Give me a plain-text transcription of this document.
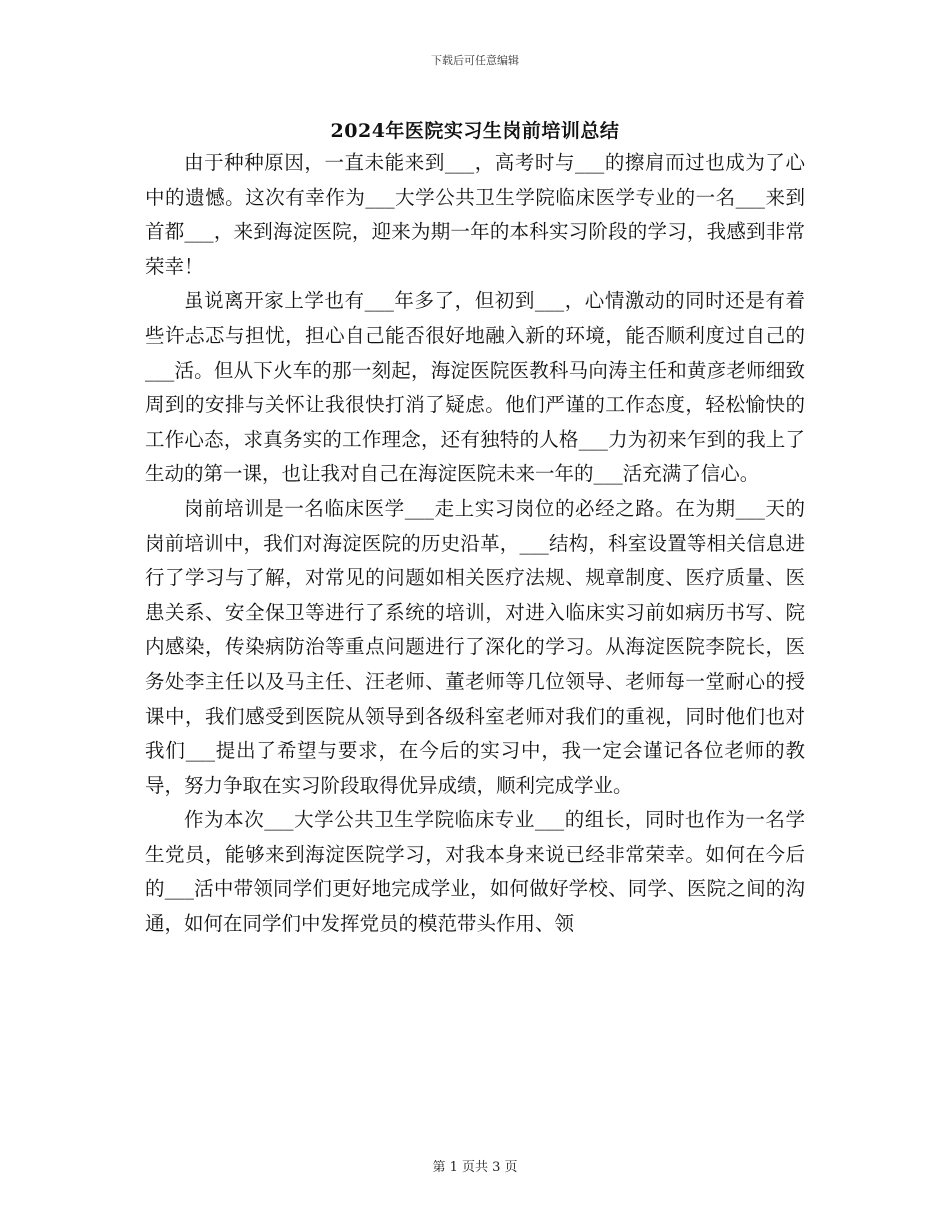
下载后可任意编辑
2024年医院实习生岗前培训总结

由于种种原因，一直未能来到___，高考时与___的擦肩而过也成为了心中的遗憾。这次有幸作为___大学公共卫生学院临床医学专业的一名___来到首都___，来到海淀医院，迎来为期一年的本科实习阶段的学习，我感到非常荣幸！

虽说离开家上学也有___年多了，但初到___，心情激动的同时还是有着些许忐忑与担忧，担心自己能否很好地融入新的环境，能否顺利度过自己的___活。但从下火车的那一刻起，海淀医院医教科马向涛主任和黄彦老师细致周到的安排与关怀让我很快打消了疑虑。他们严谨的工作态度，轻松愉快的工作心态，求真务实的工作理念，还有独特的人格___力为初来乍到的我上了生动的第一课，也让我对自己在海淀医院未来一年的___活充满了信心。

岗前培训是一名临床医学___走上实习岗位的必经之路。在为期___天的岗前培训中，我们对海淀医院的历史沿革，___结构，科室设置等相关信息进行了学习与了解，对常见的问题如相关医疗法规、规章制度、医疗质量、医患关系、安全保卫等进行了系统的培训，对进入临床实习前如病历书写、院内感染，传染病防治等重点问题进行了深化的学习。从海淀医院李院长，医务处李主任以及马主任、汪老师、董老师等几位领导、老师每一堂耐心的授课中，我们感受到医院从领导到各级科室老师对我们的重视，同时他们也对我们___提出了希望与要求，在今后的实习中，我一定会谨记各位老师的教导，努力争取在实习阶段取得优异成绩，顺利完成学业。

作为本次___大学公共卫生学院临床专业___的组长，同时也作为一名学生党员，能够来到海淀医院学习，对我本身来说已经非常荣幸。如何在今后的___活中带领同学们更好地完成学业，如何做好学校、同学、医院之间的沟通，如何在同学们中发挥党员的模范带头作用、领

第 1 页共 3 页
